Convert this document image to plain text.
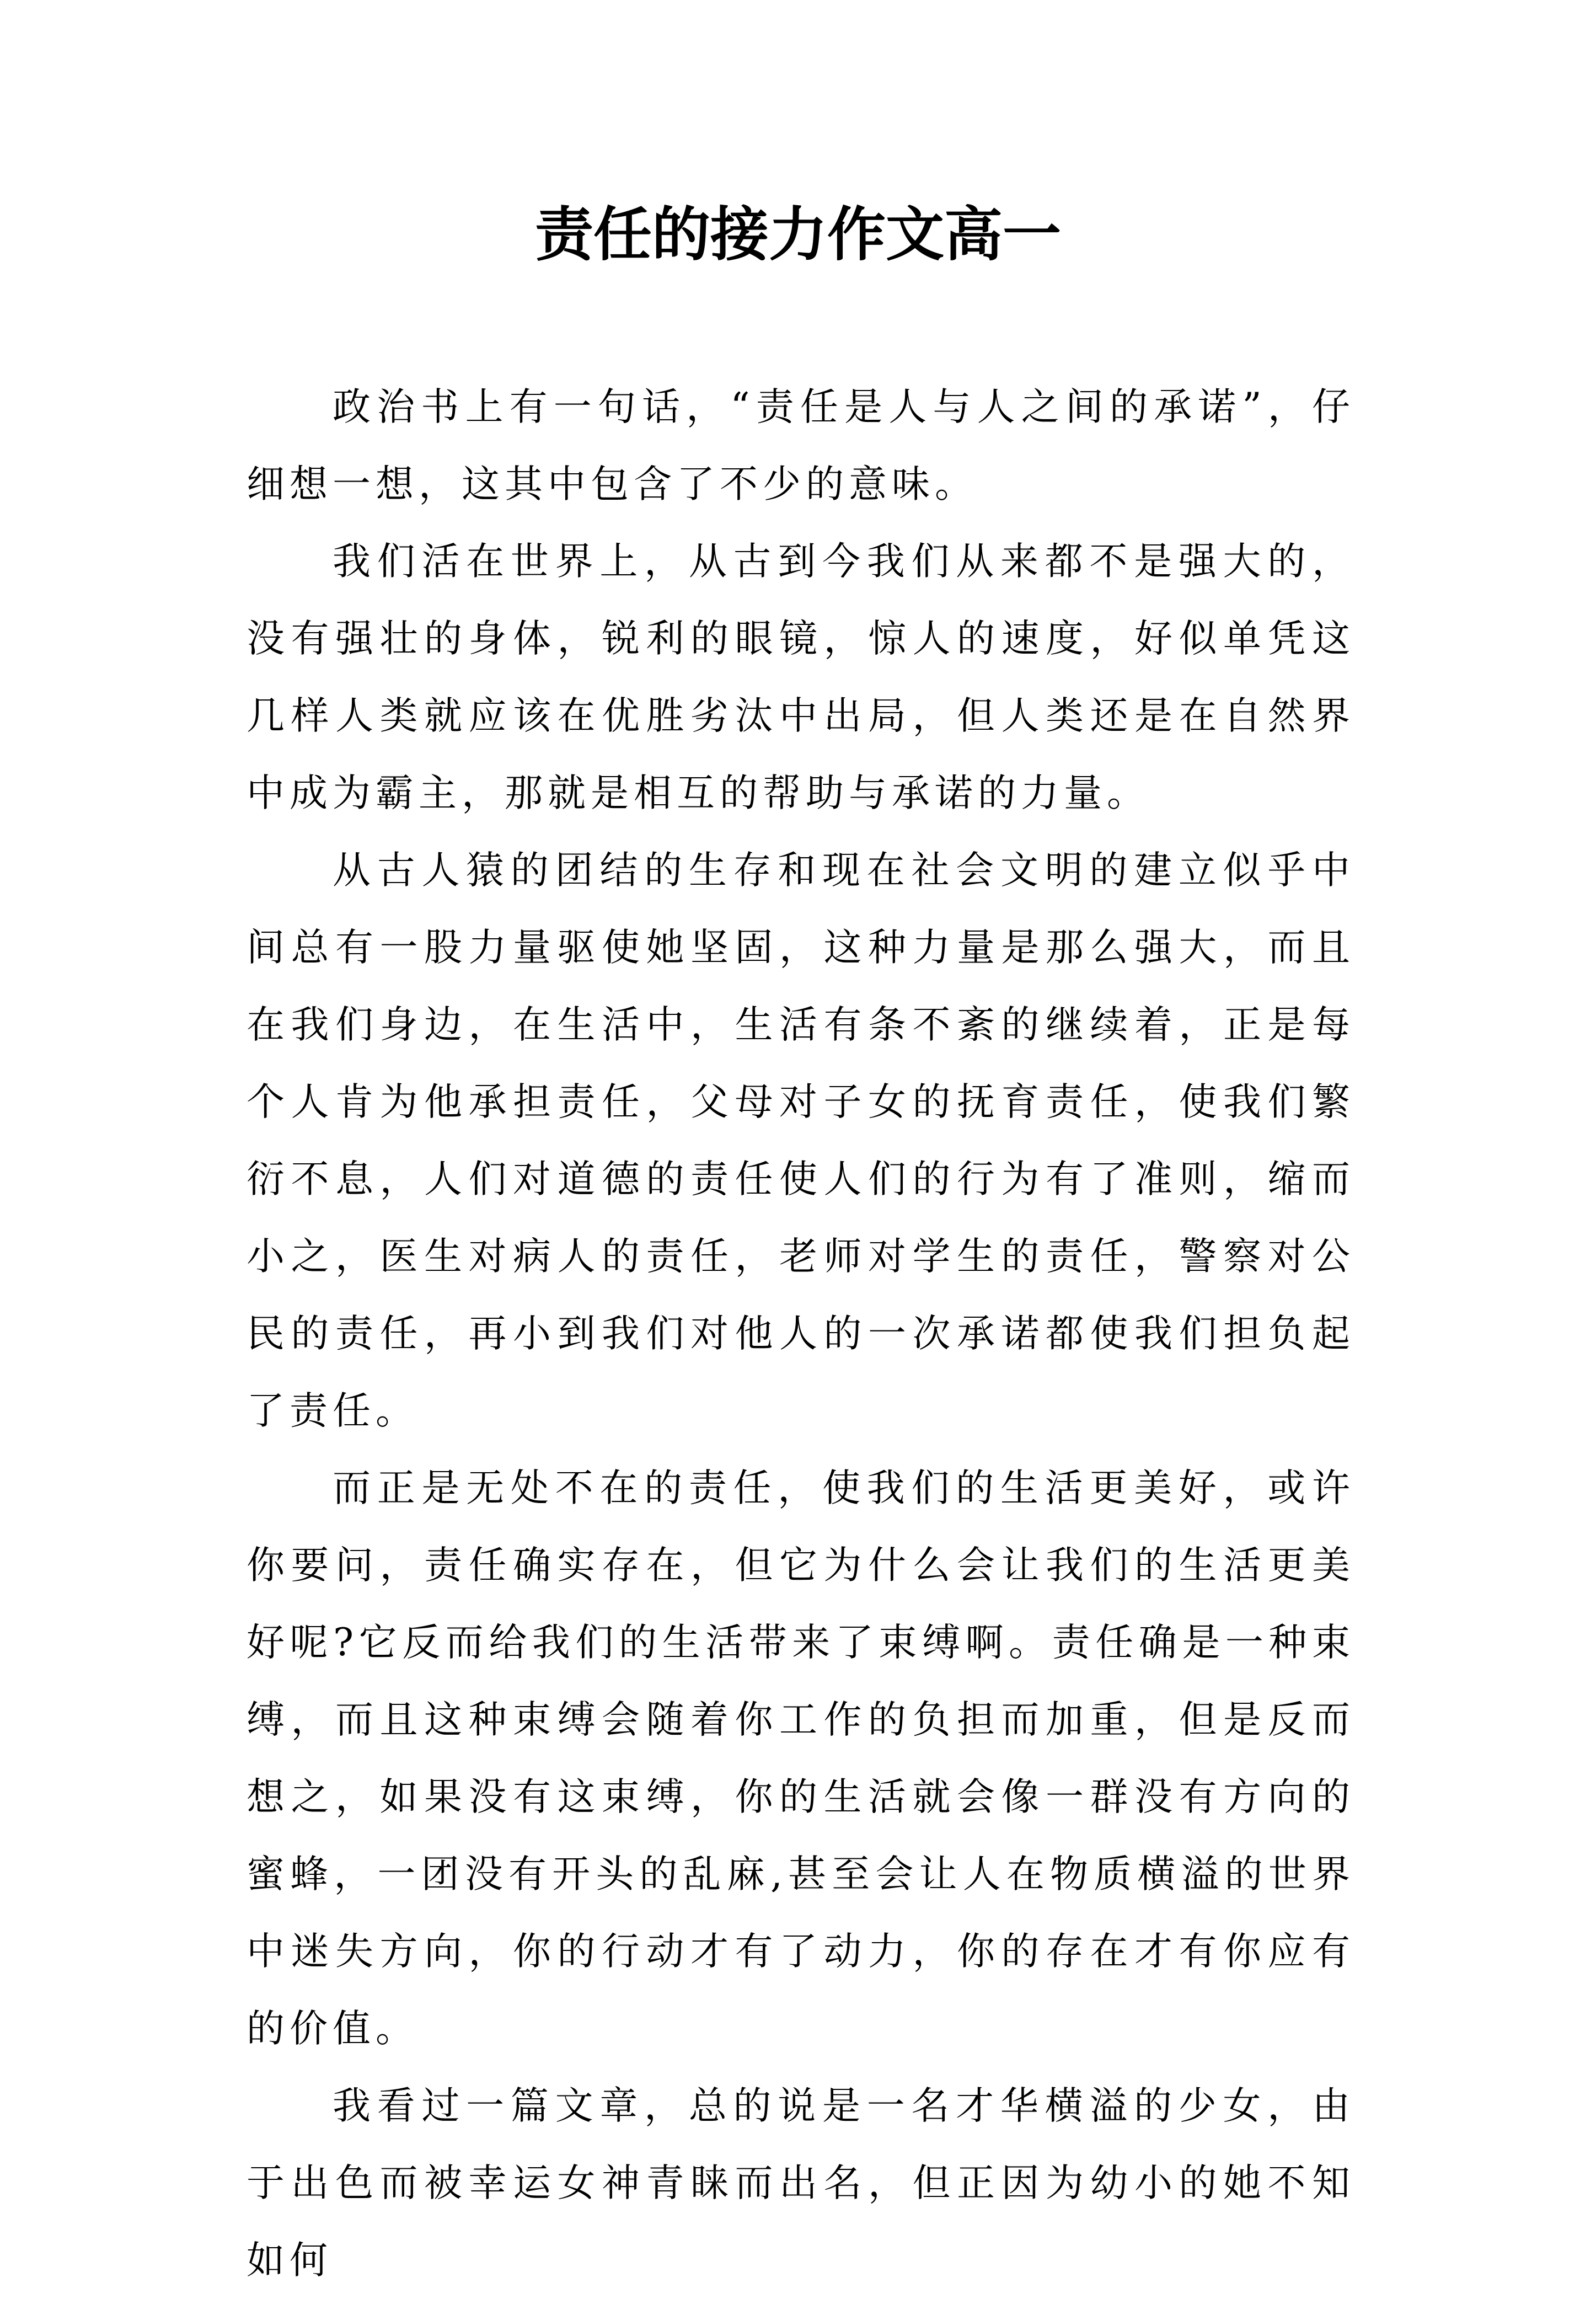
责任的接力作文高一

政治书上有一句话，“责任是人与人之间的承诺”，仔细想一想，这其中包含了不少的意味。

我们活在世界上，从古到今我们从来都不是强大的，没有强壮的身体，锐利的眼镜，惊人的速度，好似单凭这几样人类就应该在优胜劣汰中出局，但人类还是在自然界中成为霸主，那就是相互的帮助与承诺的力量。

从古人猿的团结的生存和现在社会文明的建立似乎中间总有一股力量驱使她坚固，这种力量是那么强大，而且在我们身边，在生活中，生活有条不紊的继续着，正是每个人肯为他承担责任，父母对子女的抚育责任，使我们繁衍不息，人们对道德的责任使人们的行为有了准则，缩而小之，医生对病人的责任，老师对学生的责任，警察对公民的责任，再小到我们对他人的一次承诺都使我们担负起了责任。

而正是无处不在的责任，使我们的生活更美好，或许你要问，责任确实存在，但它为什么会让我们的生活更美好呢?它反而给我们的生活带来了束缚啊。责任确是一种束缚，而且这种束缚会随着你工作的负担而加重，但是反而想之，如果没有这束缚，你的生活就会像一群没有方向的蜜蜂，一团没有开头的乱麻,甚至会让人在物质横溢的世界中迷失方向，你的行动才有了动力，你的存在才有你应有的价值。

我看过一篇文章，总的说是一名才华横溢的少女，由于出色而被幸运女神青睐而出名，但正因为幼小的她不知如何
